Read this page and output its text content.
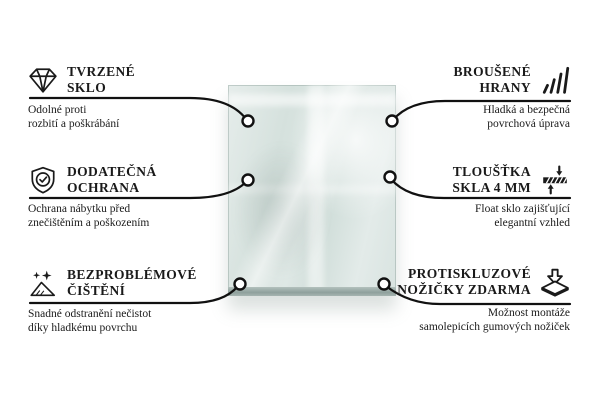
TVRZENÉ
SKLO
Odolné proti
rozbití a poškrábání
DODATEČNÁ
OCHRANA
Ochrana nábytku před
znečištěním a poškozením
BEZPROBLÉMOVÉ
ČIŠTĚNÍ
Snadné odstranění nečistot
díky hladkému povrchu
BROUŠENÉ
HRANY
Hladká a bezpečná
povrchová úprava
TLOUŠŤKA
SKLA 4 MM
Float sklo zajišťující
elegantní vzhled
PROTISKLUZOVÉ
NOŽIČKY ZDARMA
Možnost montáže
samolepicích gumových nožiček
